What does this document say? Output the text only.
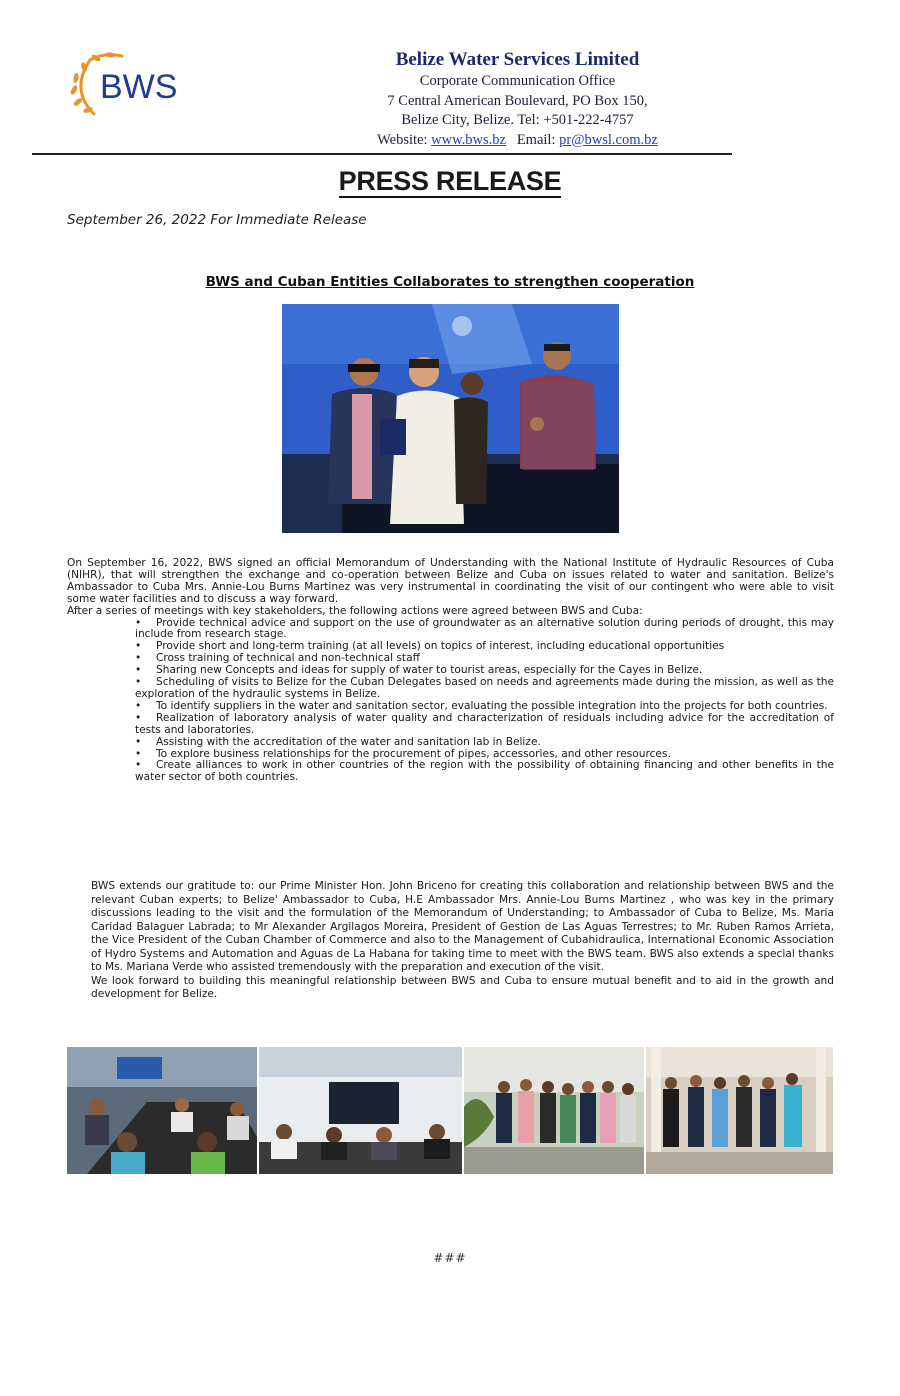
BWS
Belize Water Services Limited
Corporate Communication Office
7 Central American Boulevard, PO Box 150,
Belize City, Belize. Tel: +501-222-4757
Website: www.bws.bz Email: pr@bwsl.com.bz
PRESS RELEASE
September 26, 2022 For Immediate Release
BWS and Cuban Entities Collaborates to strengthen cooperation

On September 16, 2022, BWS signed an official Memorandum of Understanding with the National Institute of Hydraulic Resources of Cuba (NIHR), that will strengthen the exchange and co-operation between Belize and Cuba on issues related to water and sanitation. Belize's Ambassador to Cuba Mrs. Annie-Lou Burns Martinez was very instrumental in coordinating the visit of our contingent who were able to visit some water facilities and to discuss a way forward.

After a series of meetings with key stakeholders, the following actions were agreed between BWS and Cuba:

• Provide technical advice and support on the use of groundwater as an alternative solution during periods of drought, this may include from research stage.
• Provide short and long-term training (at all levels) on topics of interest, including educational opportunities
• Cross training of technical and non-technical staff
• Sharing new Concepts and ideas for supply of water to tourist areas, especially for the Cayes in Belize.
• Scheduling of visits to Belize for the Cuban Delegates based on needs and agreements made during the mission, as well as the exploration of the hydraulic systems in Belize.
• To identify suppliers in the water and sanitation sector, evaluating the possible integration into the projects for both countries.
• Realization of laboratory analysis of water quality and characterization of residuals including advice for the accreditation of tests and laboratories.
• Assisting with the accreditation of the water and sanitation lab in Belize.
• To explore business relationships for the procurement of pipes, accessories, and other resources.
• Create alliances to work in other countries of the region with the possibility of obtaining financing and other benefits in the water sector of both countries.

BWS extends our gratitude to: our Prime Minister Hon. John Briceno for creating this collaboration and relationship between BWS and the relevant Cuban experts; to Belize' Ambassador to Cuba, H.E Ambassador Mrs. Annie-Lou Burns Martinez , who was key in the primary discussions leading to the visit and the formulation of the Memorandum of Understanding; to Ambassador of Cuba to Belize, Ms. Maria Caridad Balaguer Labrada; to Mr Alexander Argilagos Moreira, President of Gestion de Las Aguas Terrestres; to Mr. Ruben Ramos Arrieta, the Vice President of the Cuban Chamber of Commerce and also to the Management of Cubahidraulica, International Economic Association of Hydro Systems and Automation and Aguas de La Habana for taking time to meet with the BWS team. BWS also extends a special thanks to Ms. Mariana Verde who assisted tremendously with the preparation and execution of the visit.

We look forward to building this meaningful relationship between BWS and Cuba to ensure mutual benefit and to aid in the growth and development for Belize.

###
